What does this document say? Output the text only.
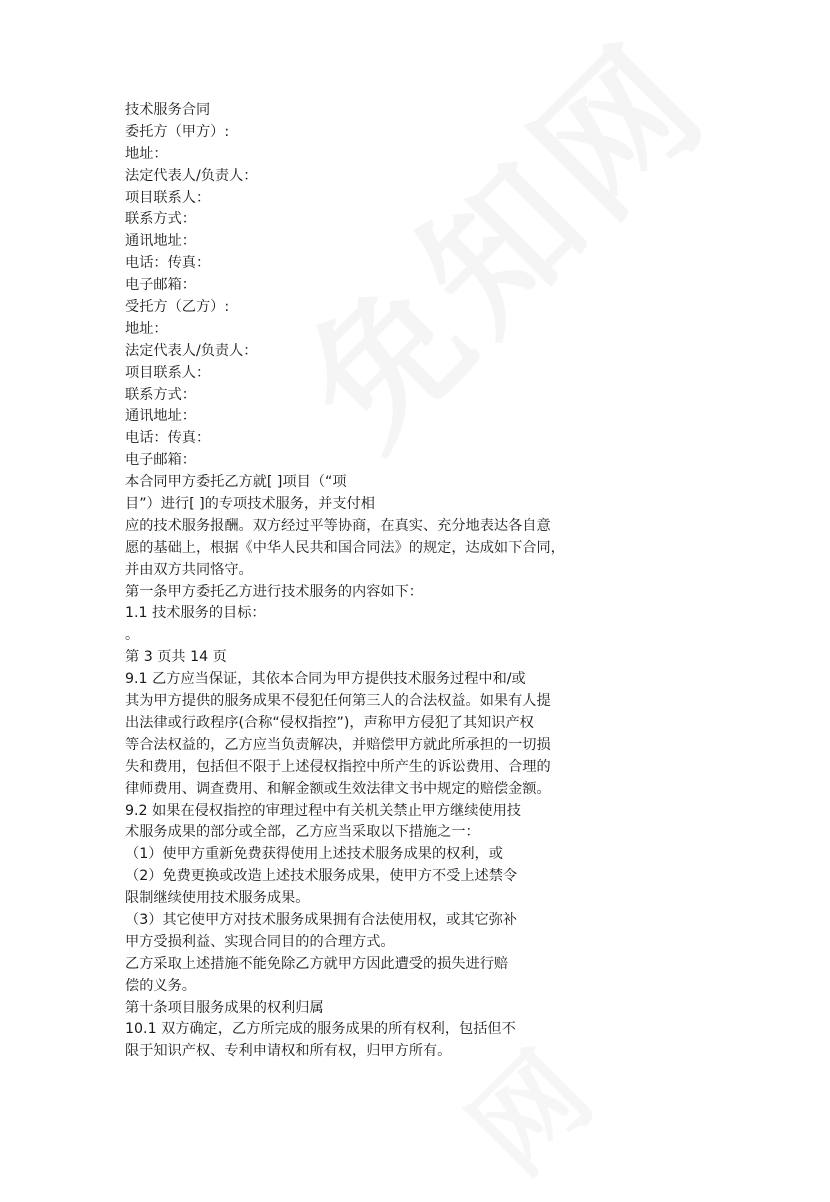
免知网
网
技术服务合同
委托方（甲方）:
地址：
法定代表人/负责人：
项目联系人：
联系方式：
通讯地址：
电话：传真：
电子邮箱：
受托方（乙方）:
地址：
法定代表人/负责人：
项目联系人：
联系方式：
通讯地址：
电话：传真：
电子邮箱：
本合同甲方委托乙方就[ ]项目（“项
目”）进行[ ]的专项技术服务，并支付相
应的技术服务报酬。双方经过平等协商，在真实、充分地表达各自意
愿的基础上，根据《中华人民共和国合同法》的规定，达成如下合同，
并由双方共同恪守。
第一条甲方委托乙方进行技术服务的内容如下：
1.1 技术服务的目标：
。
第 3 页共 14 页
9.1 乙方应当保证，其依本合同为甲方提供技术服务过程中和/或
其为甲方提供的服务成果不侵犯任何第三人的合法权益。如果有人提
出法律或行政程序(合称“侵权指控”)，声称甲方侵犯了其知识产权
等合法权益的，乙方应当负责解决，并赔偿甲方就此所承担的一切损
失和费用，包括但不限于上述侵权指控中所产生的诉讼费用、合理的
律师费用、调查费用、和解金额或生效法律文书中规定的赔偿金额。
9.2 如果在侵权指控的审理过程中有关机关禁止甲方继续使用技
术服务成果的部分或全部，乙方应当采取以下措施之一：
（1）使甲方重新免费获得使用上述技术服务成果的权利，或
（2）免费更换或改造上述技术服务成果，使甲方不受上述禁令
限制继续使用技术服务成果。
（3）其它使甲方对技术服务成果拥有合法使用权，或其它弥补
甲方受损利益、实现合同目的的合理方式。
乙方采取上述措施不能免除乙方就甲方因此遭受的损失进行赔
偿的义务。
第十条项目服务成果的权利归属
10.1 双方确定，乙方所完成的服务成果的所有权利，包括但不
限于知识产权、专利申请权和所有权，归甲方所有。
